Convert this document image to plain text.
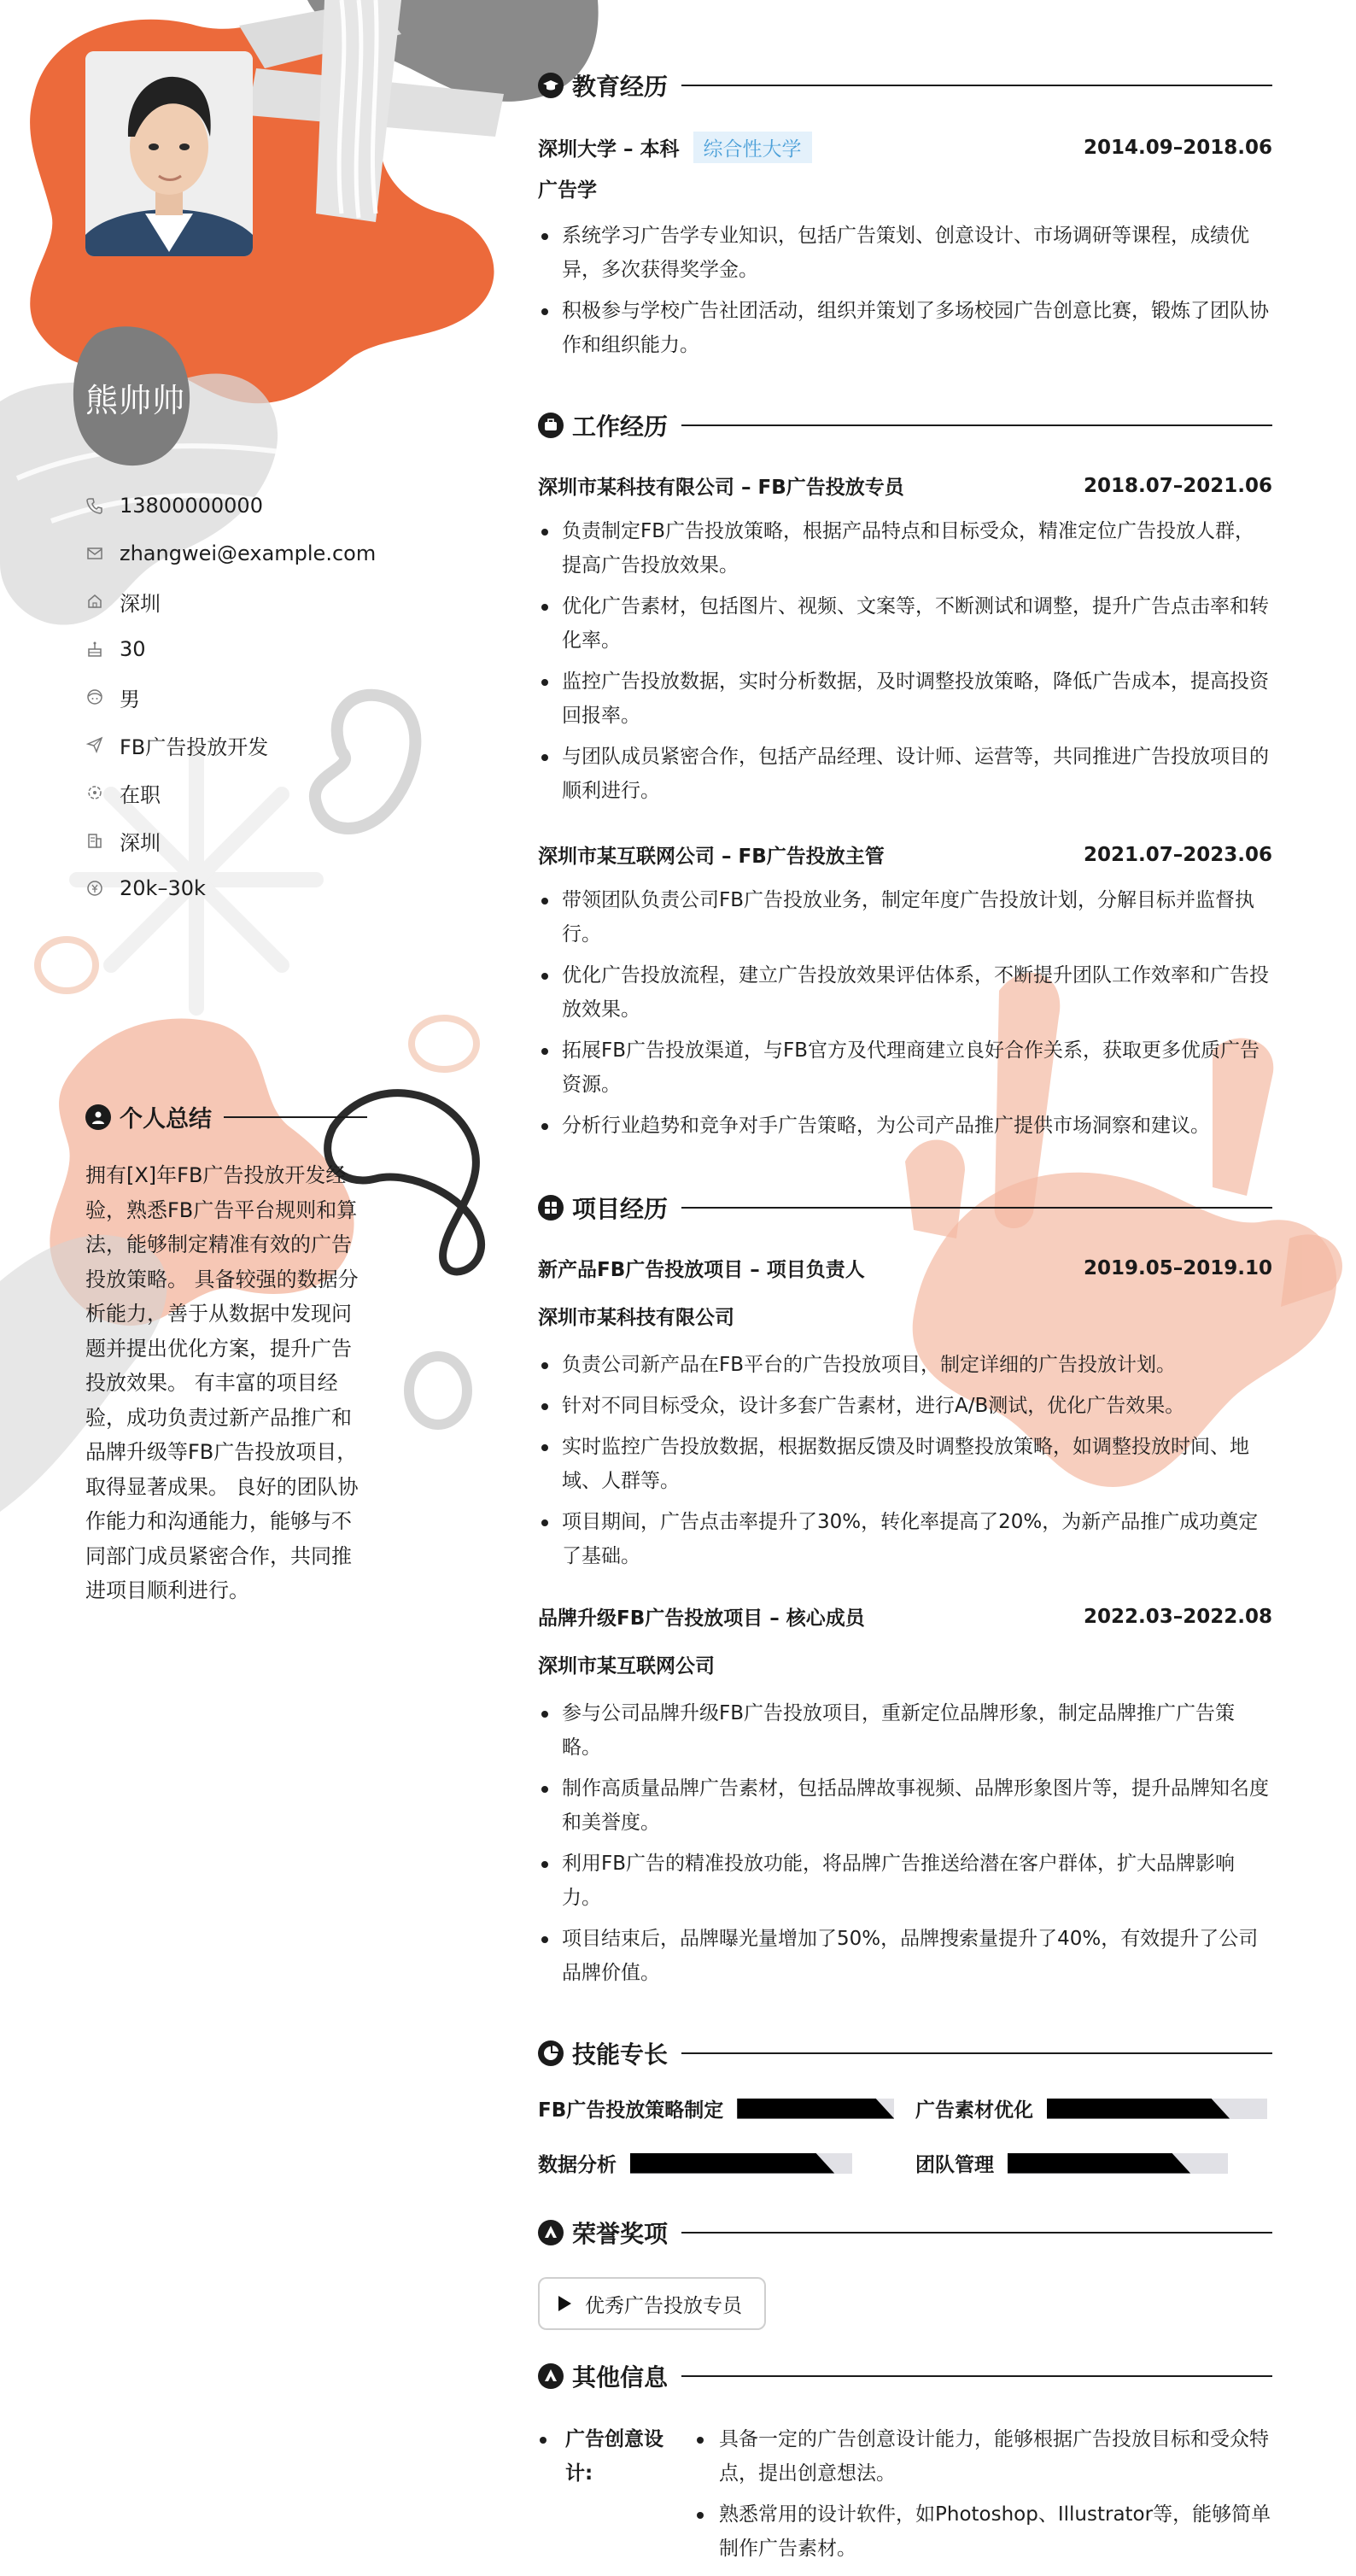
熊帅帅
13800000000
zhangwei@example.com
深圳
30
男
FB广告投放开发
在职
深圳
20k–30k
个人总结
拥有[X]年FB广告投放开发经验，熟悉FB广告平台规则和算法，能够制定精准有效的广告投放策略。 具备较强的数据分析能力，善于从数据中发现问题并提出优化方案，提升广告投放效果。 有丰富的项目经验，成功负责过新产品推广和品牌升级等FB广告投放项目，取得显著成果。 良好的团队协作能力和沟通能力，能够与不同部门成员紧密合作，共同推进项目顺利进行。
教育经历
深圳大学 – 本科	综合性大学	2014.09–2018.06
广告学
系统学习广告学专业知识，包括广告策划、创意设计、市场调研等课程，成绩优异，多次获得奖学金。
积极参与学校广告社团活动，组织并策划了多场校园广告创意比赛，锻炼了团队协作和组织能力。
工作经历
深圳市某科技有限公司 – FB广告投放专员	2018.07–2021.06
负责制定FB广告投放策略，根据产品特点和目标受众，精准定位广告投放人群，提高广告投放效果。
优化广告素材，包括图片、视频、文案等，不断测试和调整，提升广告点击率和转化率。
监控广告投放数据，实时分析数据，及时调整投放策略，降低广告成本，提高投资回报率。
与团队成员紧密合作，包括产品经理、设计师、运营等，共同推进广告投放项目的顺利进行。
深圳市某互联网公司 – FB广告投放主管	2021.07–2023.06
带领团队负责公司FB广告投放业务，制定年度广告投放计划，分解目标并监督执行。
优化广告投放流程，建立广告投放效果评估体系，不断提升团队工作效率和广告投放效果。
拓展FB广告投放渠道，与FB官方及代理商建立良好合作关系，获取更多优质广告资源。
分析行业趋势和竞争对手广告策略，为公司产品推广提供市场洞察和建议。
项目经历
新产品FB广告投放项目 – 项目负责人	2019.05–2019.10
深圳市某科技有限公司
负责公司新产品在FB平台的广告投放项目，制定详细的广告投放计划。
针对不同目标受众，设计多套广告素材，进行A/B测试，优化广告效果。
实时监控广告投放数据，根据数据反馈及时调整投放策略，如调整投放时间、地域、人群等。
项目期间，广告点击率提升了30%，转化率提高了20%，为新产品推广成功奠定了基础。
品牌升级FB广告投放项目 – 核心成员	2022.03–2022.08
深圳市某互联网公司
参与公司品牌升级FB广告投放项目，重新定位品牌形象，制定品牌推广广告策略。
制作高质量品牌广告素材，包括品牌故事视频、品牌形象图片等，提升品牌知名度和美誉度。
利用FB广告的精准投放功能，将品牌广告推送给潜在客户群体，扩大品牌影响力。
项目结束后，品牌曝光量增加了50%，品牌搜索量提升了40%，有效提升了公司品牌价值。
技能专长
FB广告投放策略制定	广告素材优化
数据分析	团队管理
荣誉奖项
优秀广告投放专员
其他信息
广告创意设计:
具备一定的广告创意设计能力，能够根据广告投放目标和受众特点，提出创意想法。
熟悉常用的设计软件，如Photoshop、Illustrator等，能够简单制作广告素材。
